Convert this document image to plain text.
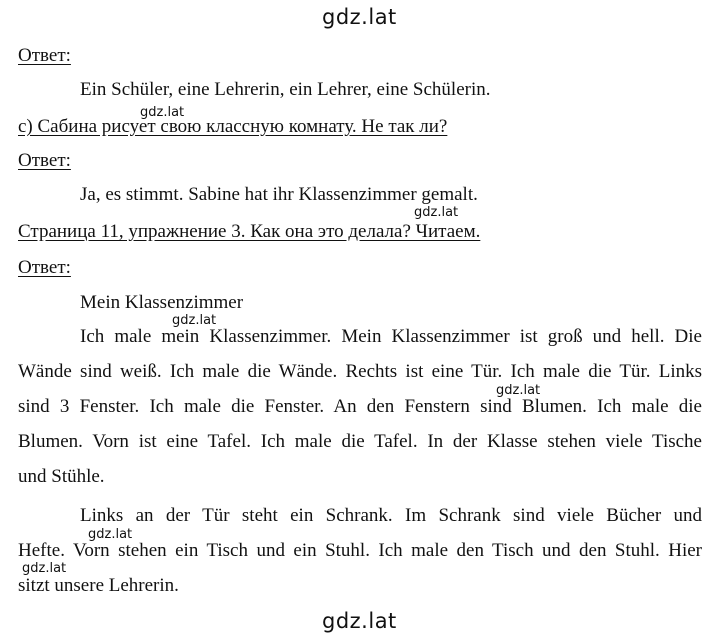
gdz.lat
Ответ:
Ein Schüler, eine Lehrerin, ein Lehrer, eine Schülerin.
gdz.lat
c) Сабина рисует свою классную комнату. Не так ли?
Ответ:
Ja, es stimmt. Sabine hat ihr Klassenzimmer gemalt.
gdz.lat
Страница 11, упражнение 3. Как она это делала? Читаем.
Ответ:
Mein Klassenzimmer
gdz.lat
Ich male mein Klassenzimmer. Mein Klassenzimmer ist groß und hell. Die
Wände sind weiß. Ich male die Wände. Rechts ist eine Tür. Ich male die Tür. Links
gdz.lat
sind 3 Fenster. Ich male die Fenster. An den Fenstern sind Blumen. Ich male die
Blumen. Vorn ist eine Tafel. Ich male die Tafel. In der Klasse stehen viele Tische
und Stühle.
Links an der Tür steht ein Schrank. Im Schrank sind viele Bücher und
gdz.lat
Hefte. Vorn stehen ein Tisch und ein Stuhl. Ich male den Tisch und den Stuhl. Hier
gdz.lat
sitzt unsere Lehrerin.
gdz.lat
